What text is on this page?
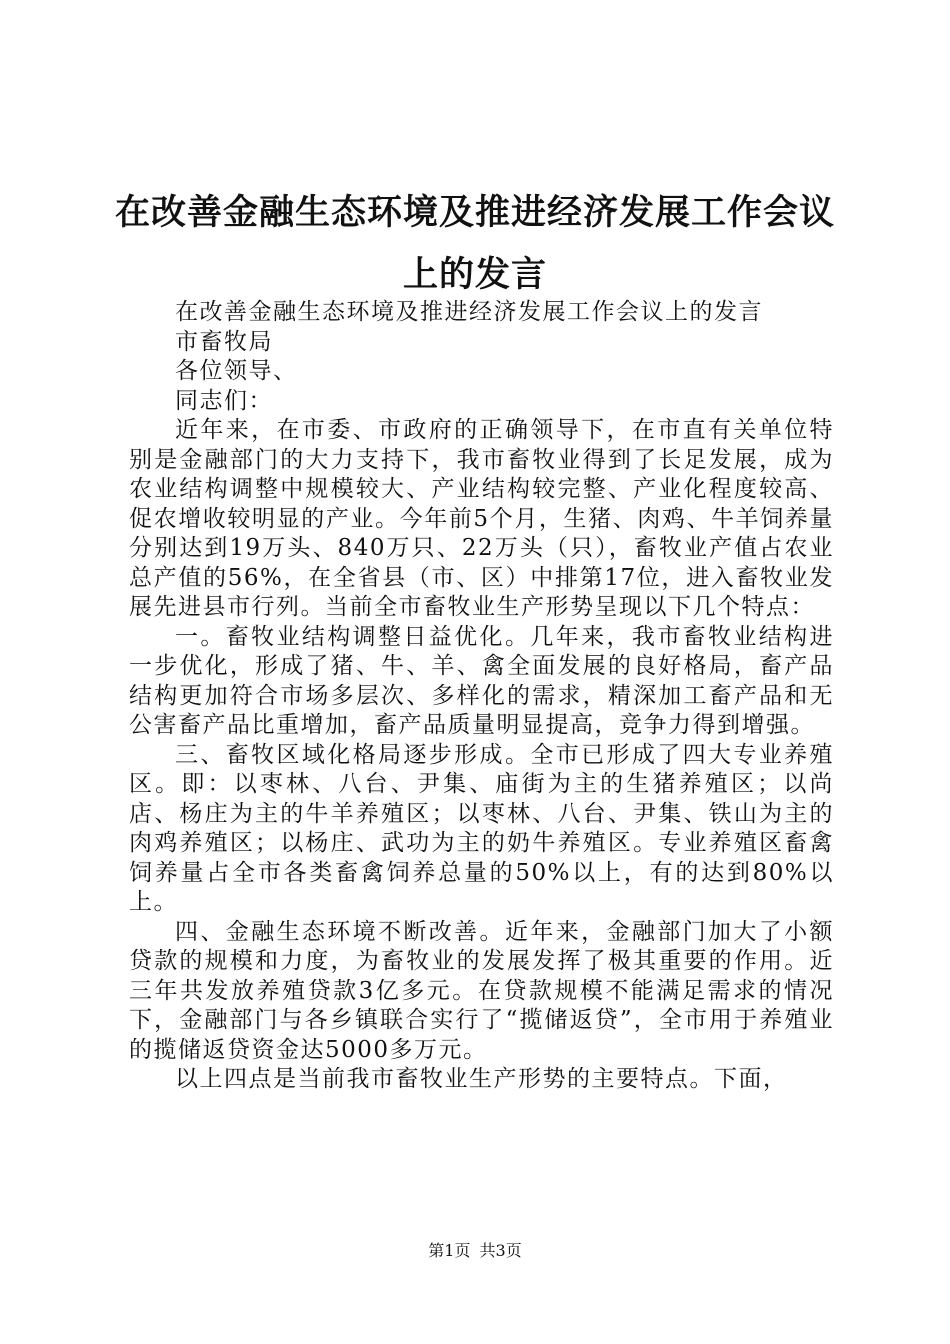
在改善金融生态环境及推进经济发展工作会议上的发言

在改善金融生态环境及推进经济发展工作会议上的发言

市畜牧局

各位领导、

同志们：

近年来，在市委、市政府的正确领导下，在市直有关单位特别是金融部门的大力支持下，我市畜牧业得到了长足发展，成为农业结构调整中规模较大、产业结构较完整、产业化程度较高、促农增收较明显的产业。今年前5个月，生猪、肉鸡、牛羊饲养量分别达到19万头、840万只、22万头（只），畜牧业产值占农业总产值的56%，在全省县（市、区）中排第17位，进入畜牧业发展先进县市行列。当前全市畜牧业生产形势呈现以下几个特点：

一。畜牧业结构调整日益优化。几年来，我市畜牧业结构进一步优化，形成了猪、牛、羊、禽全面发展的良好格局，畜产品结构更加符合市场多层次、多样化的需求，精深加工畜产品和无公害畜产品比重增加，畜产品质量明显提高，竞争力得到增强。

三、畜牧区域化格局逐步形成。全市已形成了四大专业养殖区。即：以枣林、八台、尹集、庙街为主的生猪养殖区；以尚店、杨庄为主的牛羊养殖区；以枣林、八台、尹集、铁山为主的肉鸡养殖区；以杨庄、武功为主的奶牛养殖区。专业养殖区畜禽饲养量占全市各类畜禽饲养总量的50%以上，有的达到80%以上。

四、金融生态环境不断改善。近年来，金融部门加大了小额贷款的规模和力度，为畜牧业的发展发挥了极其重要的作用。近三年共发放养殖贷款3亿多元。在贷款规模不能满足需求的情况下，金融部门与各乡镇联合实行了“揽储返贷”，全市用于养殖业的揽储返贷资金达5000多万元。

以上四点是当前我市畜牧业生产形势的主要特点。下面，

第1页 共3页
